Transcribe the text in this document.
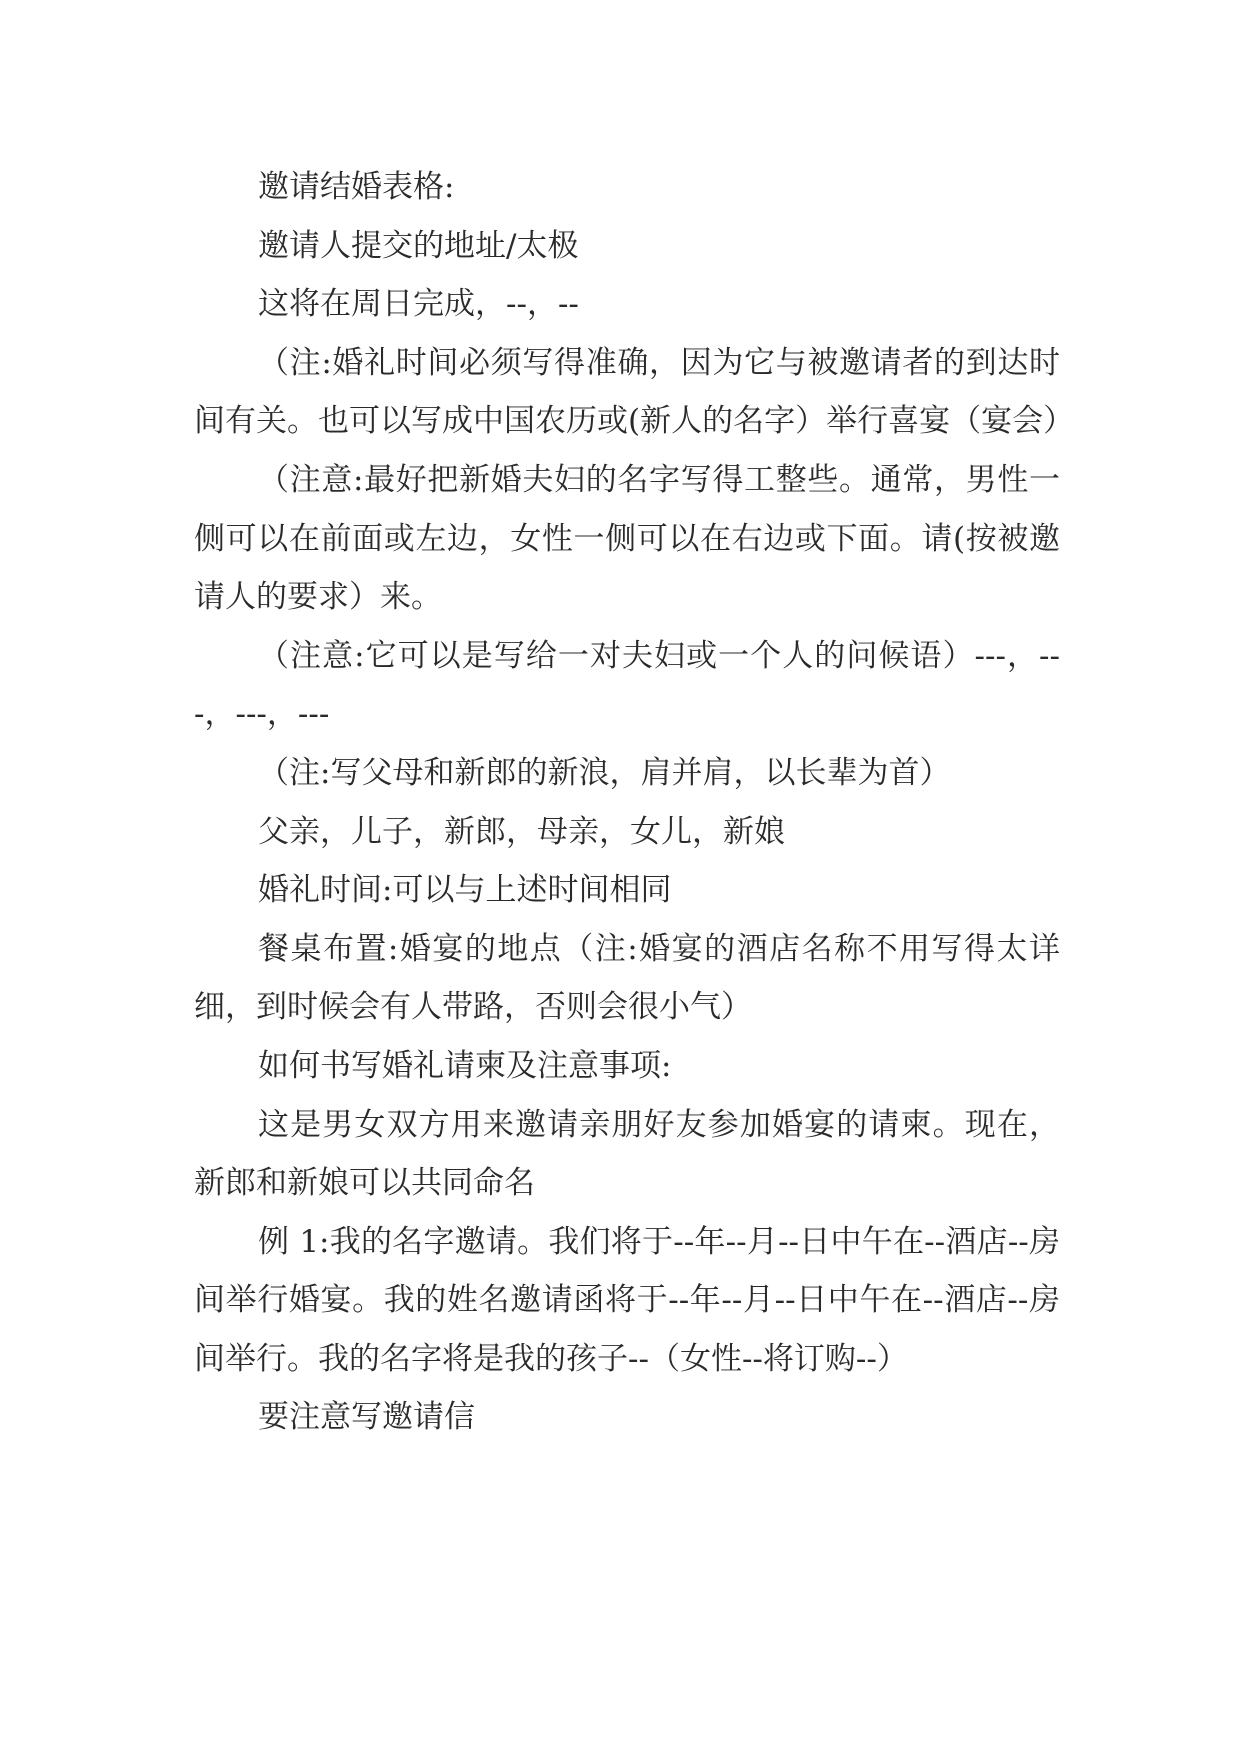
邀请结婚表格:

邀请人提交的地址/太极

这将在周日完成，--，--

（注:婚礼时间必须写得准确，因为它与被邀请者的到达时间有关。也可以写成中国农历或(新人的名字）举行喜宴（宴会）

（注意:最好把新婚夫妇的名字写得工整些。通常，男性一侧可以在前面或左边，女性一侧可以在右边或下面。请(按被邀请人的要求）来。

（注意:它可以是写给一对夫妇或一个人的问候语）---，---，---，---

（注:写父母和新郎的新浪，肩并肩，以长辈为首）

父亲，儿子，新郎，母亲，女儿，新娘

婚礼时间:可以与上述时间相同

餐桌布置:婚宴的地点（注:婚宴的酒店名称不用写得太详细，到时候会有人带路，否则会很小气）

如何书写婚礼请柬及注意事项:

这是男女双方用来邀请亲朋好友参加婚宴的请柬。现在，新郎和新娘可以共同命名

例 1:我的名字邀请。我们将于--年--月--日中午在--酒店--房间举行婚宴。我的姓名邀请函将于--年--月--日中午在--酒店--房间举行。我的名字将是我的孩子--（女性--将订购--）

要注意写邀请信
